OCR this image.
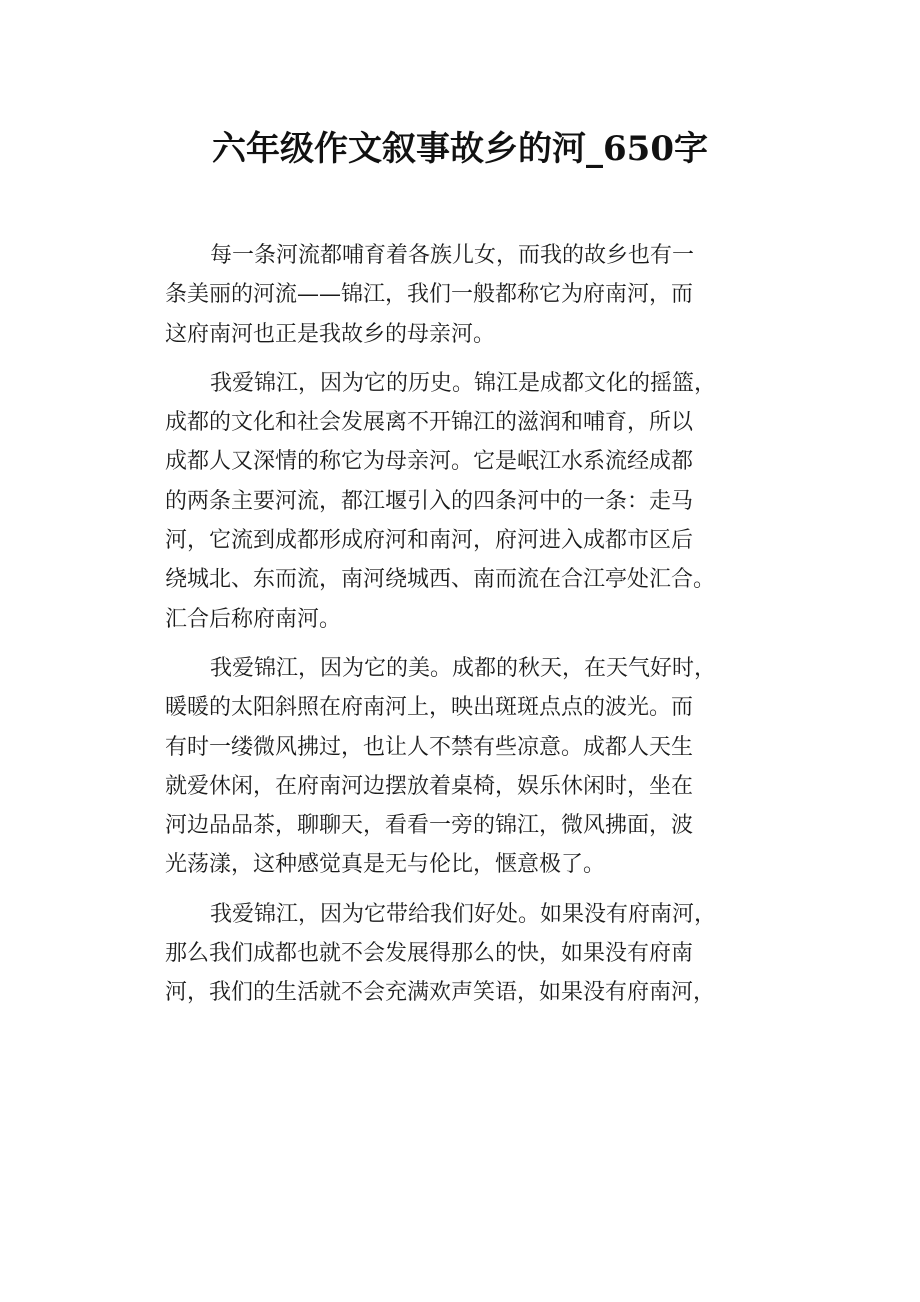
六年级作文叙事故乡的河_650字

每一条河流都哺育着各族儿女，而我的故乡也有一
条美丽的河流——锦江，我们一般都称它为府南河，而
这府南河也正是我故乡的母亲河。

我爱锦江，因为它的历史。锦江是成都文化的摇篮，
成都的文化和社会发展离不开锦江的滋润和哺育，所以
成都人又深情的称它为母亲河。它是岷江水系流经成都
的两条主要河流，都江堰引入的四条河中的一条：走马
河，它流到成都形成府河和南河，府河进入成都市区后
绕城北、东而流，南河绕城西、南而流在合江亭处汇合。
汇合后称府南河。

我爱锦江，因为它的美。成都的秋天，在天气好时，
暖暖的太阳斜照在府南河上，映出斑斑点点的波光。而
有时一缕微风拂过，也让人不禁有些凉意。成都人天生
就爱休闲，在府南河边摆放着桌椅，娱乐休闲时，坐在
河边品品茶，聊聊天，看看一旁的锦江，微风拂面，波
光荡漾，这种感觉真是无与伦比，惬意极了。

我爱锦江，因为它带给我们好处。如果没有府南河，
那么我们成都也就不会发展得那么的快，如果没有府南
河，我们的生活就不会充满欢声笑语，如果没有府南河，
